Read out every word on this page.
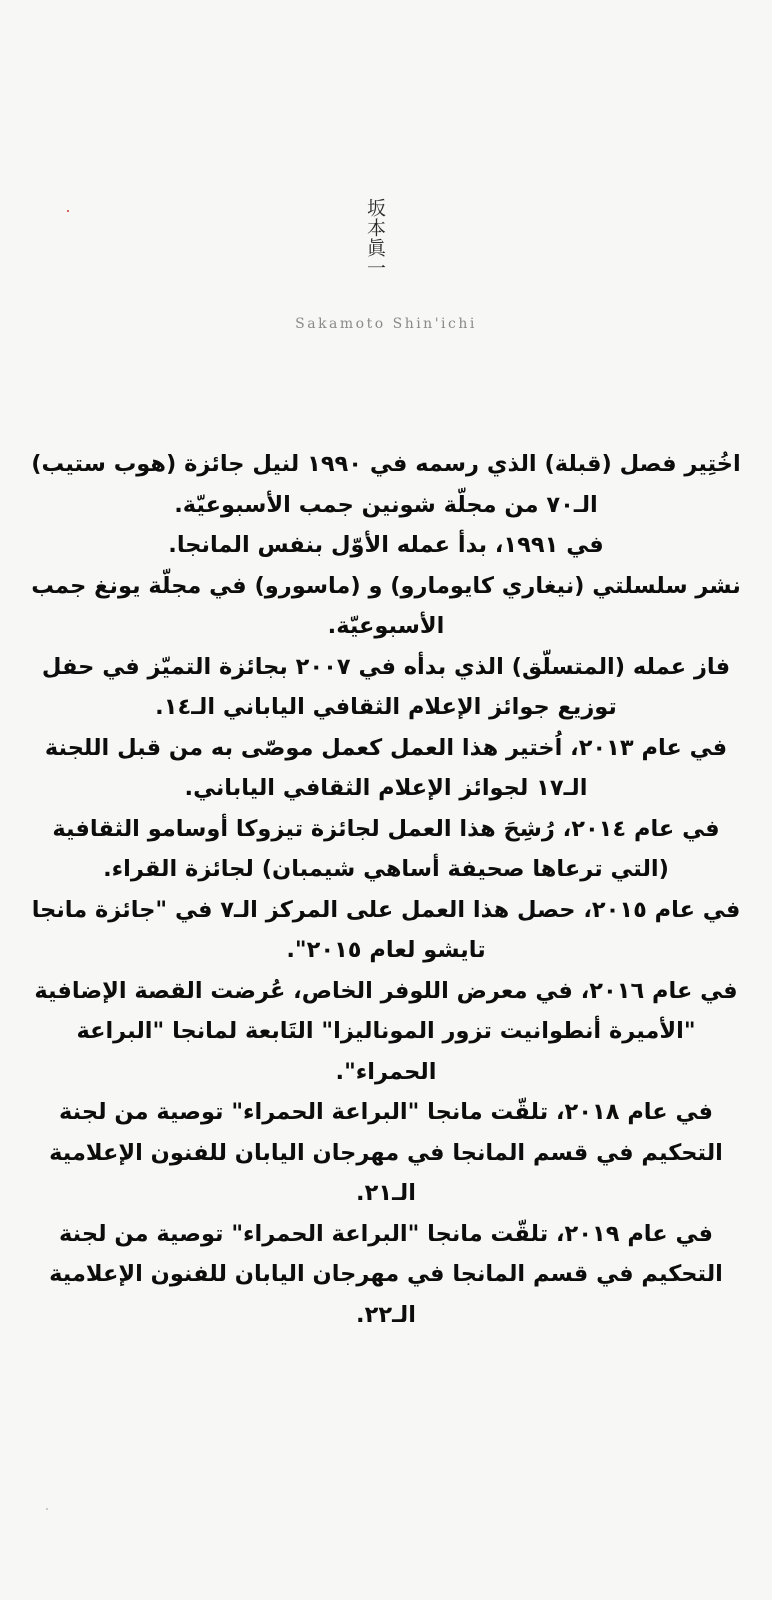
坂本眞一
Sakamoto Shin'ichi

اخُتِير فصل (قبلة) الذي رسمه في ١٩٩٠ لنيل جائزة (هوب ستيب) الـ٧٠ من مجلّة شونين جمب الأسبوعيّة.

في ١٩٩١، بدأ عمله الأوّل بنفس المانجا.

نشر سلسلتي (نيغاري كايومارو) و (ماسورو) في مجلّة يونغ جمب الأسبوعيّة.

فاز عمله (المتسلّق) الذي بدأه في ٢٠٠٧ بجائزة التميّز في حفل توزيع جوائز الإعلام الثقافي الياباني الـ١٤.

في عام ٢٠١٣، اُختير هذا العمل كعمل موصّى به من قبل اللجنة الـ١٧ لجوائز الإعلام الثقافي الياباني.

في عام ٢٠١٤، رُشِحَ هذا العمل لجائزة تيزوكا أوسامو الثقافية (التي ترعاها صحيفة أساهي شيمبان) لجائزة القراء.

في عام ٢٠١٥، حصل هذا العمل على المركز الـ٧ في "جائزة مانجا تايشو لعام ٢٠١٥".

في عام ٢٠١٦، في معرض اللوفر الخاص، عُرضت القصة الإضافية "الأميرة أنطوانيت تزور الموناليزا" التَابعة لمانجا "البراعة الحمراء".

في عام ٢٠١٨، تلقّت مانجا "البراعة الحمراء" توصية من لجنة التحكيم في قسم المانجا في مهرجان اليابان للفنون الإعلامية الـ٢١.

في عام ٢٠١٩، تلقّت مانجا "البراعة الحمراء" توصية من لجنة التحكيم في قسم المانجا في مهرجان اليابان للفنون الإعلامية الـ٢٢.
